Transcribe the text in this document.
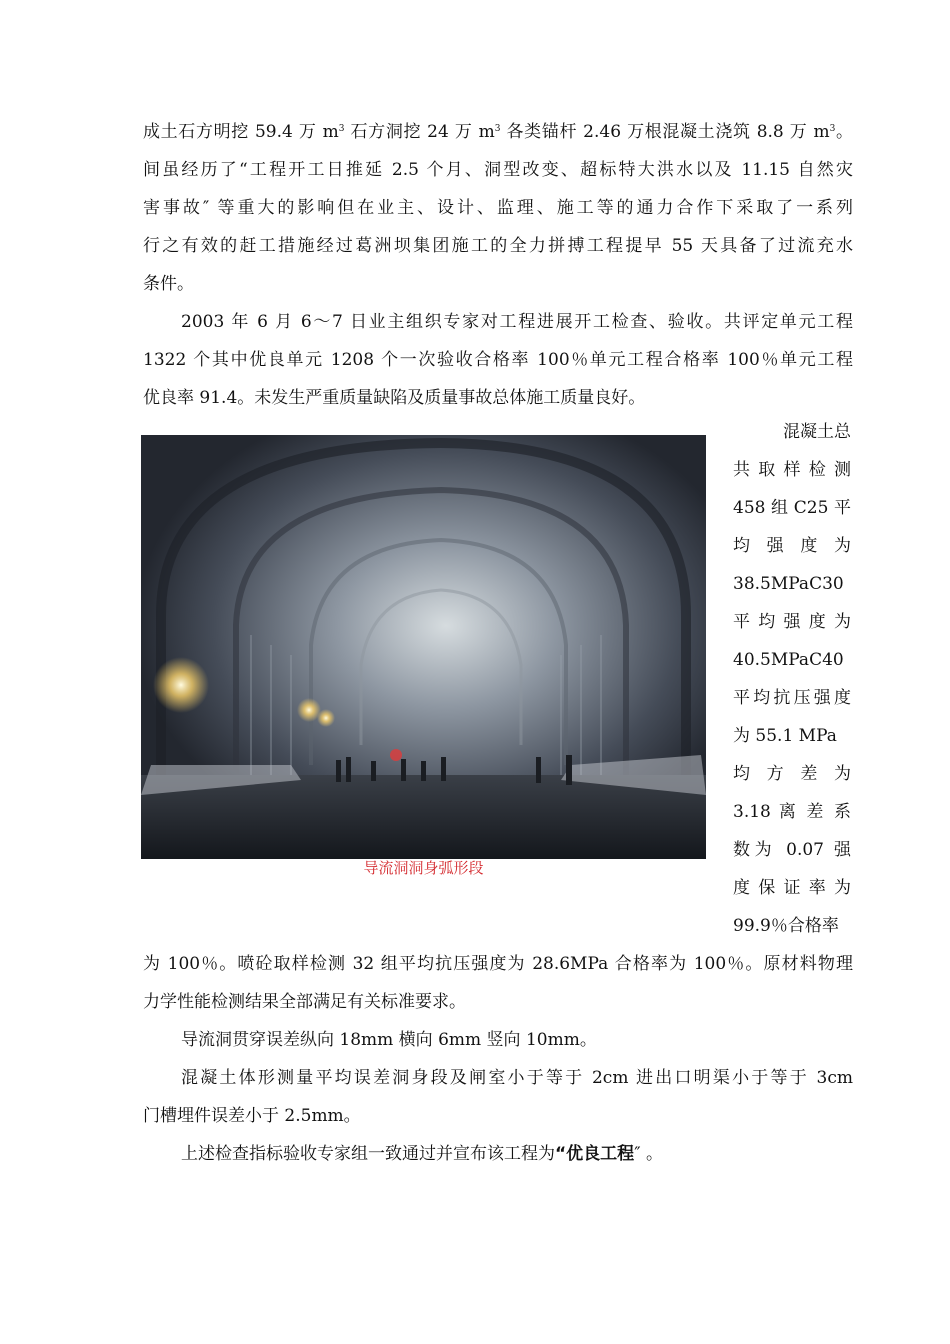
成土石方明挖 59.4 万 $m^3$ 石方洞挖 24 万 $m^3$ 各类锚杆 2.46 万根混凝土浇筑 8.8 万 $m^3$。
间虽经历了“工程开工日推延 2.5 个月、洞型改变、超标特大洪水以及 11.15 自然灾
害事故″ 等重大的影响但在业主、设计、监理、施工等的通力合作下采取了一系列
行之有效的赶工措施经过葛洲坝集团施工的全力拼搏工程提早 55 天具备了过流充水
条件。
2003 年 6 月 6～7 日业主组织专家对工程进展开工检查、验收。共评定单元工程
1322 个其中优良单元 1208 个一次验收合格率 100％单元工程合格率 100％单元工程
优良率 91.4。未发生严重质量缺陷及质量事故总体施工质量良好。
导流洞洞身弧形段
混凝土总
共取样检测
458 组 C25 平
均 强 度 为
38.5MPaC30
平均强度为
40.5MPaC40
平均抗压强度
为 55.1 MPa
均 方 差 为
3.18 离 差 系
数为 0.07 强
度保证率为
99.9％合格率
为 100％。喷砼取样检测 32 组平均抗压强度为 28.6MPa 合格率为 100％。原材料物理
力学性能检测结果全部满足有关标准要求。
导流洞贯穿误差纵向 18mm 横向 6mm 竖向 10mm。
混凝土体形测量平均误差洞身段及闸室小于等于 2cm 进出口明渠小于等于 3cm
门槽埋件误差小于 2.5mm。
上述检查指标验收专家组一致通过并宣布该工程为“优良工程″ 。
